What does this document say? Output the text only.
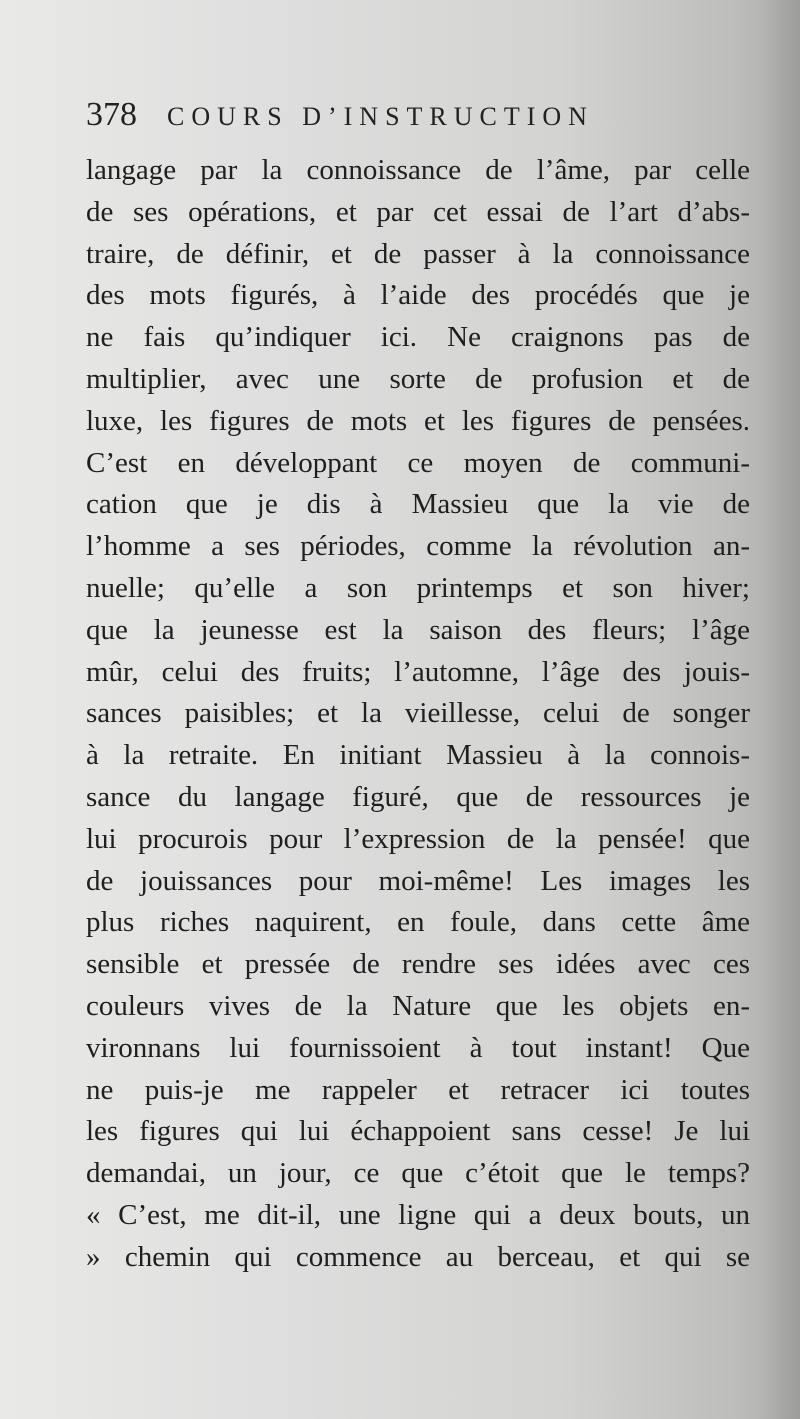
378 COURS D’INSTRUCTION
langage par la connoissance de l’âme, par celle
de ses opérations, et par cet essai de l’art d’abs-
traire, de définir, et de passer à la connoissance
des mots figurés, à l’aide des procédés que je
ne fais qu’indiquer ici. Ne craignons pas de
multiplier, avec une sorte de profusion et de
luxe, les figures de mots et les figures de pensées.
C’est en développant ce moyen de communi-
cation que je dis à Massieu que la vie de
l’homme a ses périodes, comme la révolution an-
nuelle; qu’elle a son printemps et son hiver;
que la jeunesse est la saison des fleurs; l’âge
mûr, celui des fruits; l’automne, l’âge des jouis-
sances paisibles; et la vieillesse, celui de songer
à la retraite. En initiant Massieu à la connois-
sance du langage figuré, que de ressources je
lui procurois pour l’expression de la pensée! que
de jouissances pour moi-même! Les images les
plus riches naquirent, en foule, dans cette âme
sensible et pressée de rendre ses idées avec ces
couleurs vives de la Nature que les objets en-
vironnans lui fournissoient à tout instant! Que
ne puis-je me rappeler et retracer ici toutes
les figures qui lui échappoient sans cesse! Je lui
demandai, un jour, ce que c’étoit que le temps?
« C’est, me dit-il, une ligne qui a deux bouts, un
» chemin qui commence au berceau, et qui se
